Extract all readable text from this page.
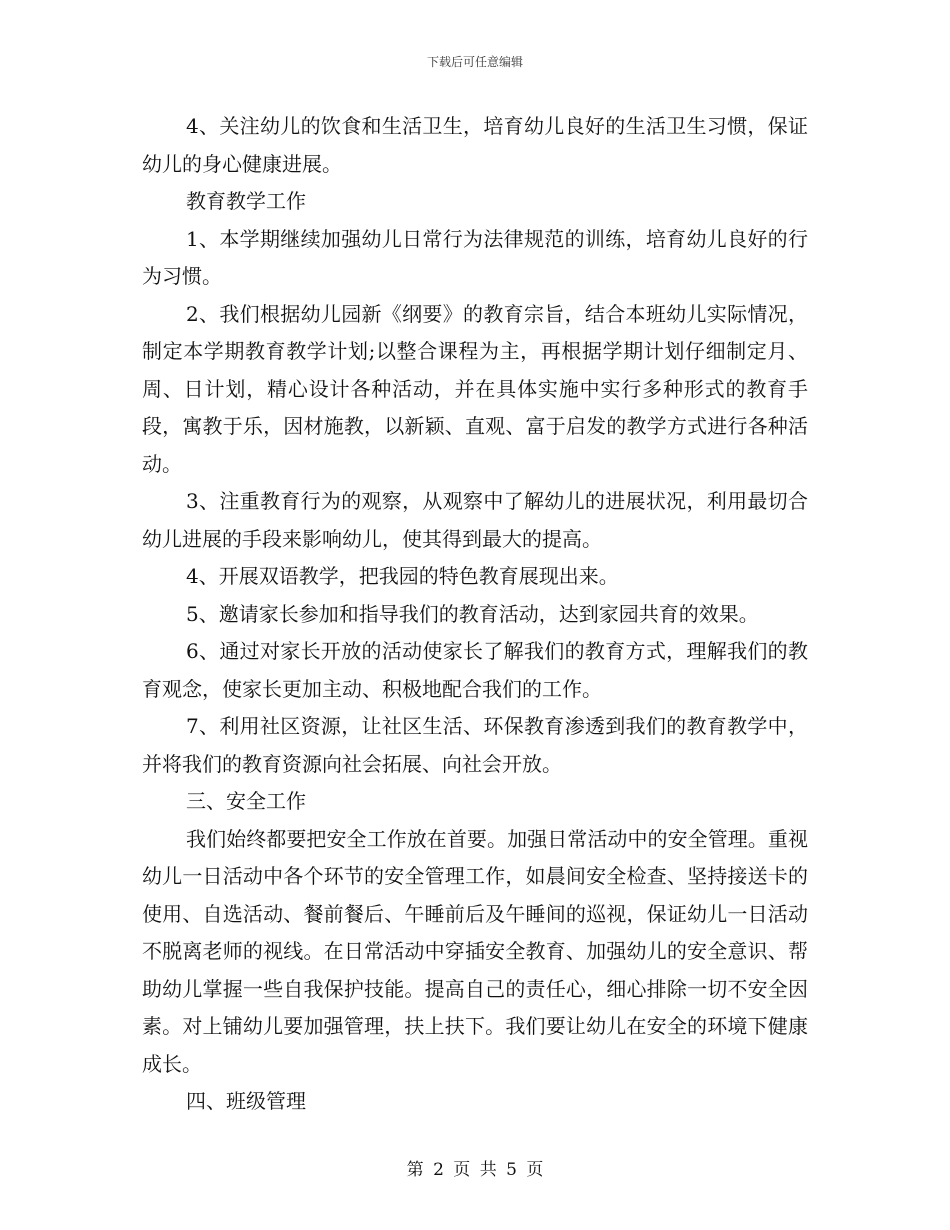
下载后可任意编辑

4、关注幼儿的饮食和生活卫生，培育幼儿良好的生活卫生习惯，保证幼儿的身心健康进展。

教育教学工作

1、本学期继续加强幼儿日常行为法律规范的训练，培育幼儿良好的行为习惯。

2、我们根据幼儿园新《纲要》的教育宗旨，结合本班幼儿实际情况，制定本学期教育教学计划;以整合课程为主，再根据学期计划仔细制定月、周、日计划，精心设计各种活动，并在具体实施中实行多种形式的教育手段，寓教于乐，因材施教，以新颖、直观、富于启发的教学方式进行各种活动。

3、注重教育行为的观察，从观察中了解幼儿的进展状况，利用最切合幼儿进展的手段来影响幼儿，使其得到最大的提高。

4、开展双语教学，把我园的特色教育展现出来。

5、邀请家长参加和指导我们的教育活动，达到家园共育的效果。

6、通过对家长开放的活动使家长了解我们的教育方式，理解我们的教育观念，使家长更加主动、积极地配合我们的工作。

7、利用社区资源，让社区生活、环保教育渗透到我们的教育教学中，并将我们的教育资源向社会拓展、向社会开放。

三、安全工作

我们始终都要把安全工作放在首要。加强日常活动中的安全管理。重视幼儿一日活动中各个环节的安全管理工作，如晨间安全检查、坚持接送卡的使用、自选活动、餐前餐后、午睡前后及午睡间的巡视，保证幼儿一日活动不脱离老师的视线。在日常活动中穿插安全教育、加强幼儿的安全意识、帮助幼儿掌握一些自我保护技能。提高自己的责任心，细心排除一切不安全因素。对上铺幼儿要加强管理，扶上扶下。我们要让幼儿在安全的环境下健康成长。

四、班级管理

第 2 页 共 5 页
